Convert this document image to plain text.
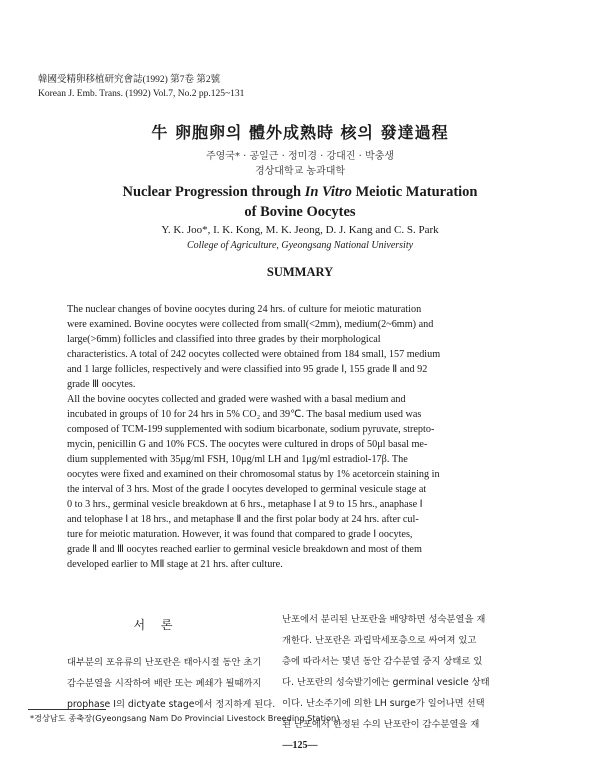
韓國受精卵移植研究會誌(1992) 第7卷 第2號
Korean J. Emb. Trans. (1992) Vol.7, No.2 pp.125~131
牛 卵胞卵의 體外成熟時 核의 發達過程
주영국* · 공일근 · 정미경 · 강대진 · 박충생
경상대학교 농과대학
Nuclear Progression through In Vitro Meiotic Maturation
of Bovine Oocytes
Y. K. Joo*, I. K. Kong, M. K. Jeong, D. J. Kang and C. S. Park
College of Agriculture, Gyeongsang National University
SUMMARY
The nuclear changes of bovine oocytes during 24 hrs. of culture for meiotic maturation
were examined. Bovine oocytes were collected from small(<2mm), medium(2~6mm) and
large(>6mm) follicles and classified into three grades by their morphological
characteristics. A total of 242 oocytes collected were obtained from 184 small, 157 medium
and 1 large follicles, respectively and were classified into 95 grade Ⅰ, 155 grade Ⅱ and 92
grade Ⅲ oocytes.
All the bovine oocytes collected and graded were washed with a basal medium and
incubated in groups of 10 for 24 hrs in 5% CO₂ and 39℃. The basal medium used was
composed of TCM-199 supplemented with sodium bicarbonate, sodium pyruvate, strepto-
mycin, penicillin G and 10% FCS. The oocytes were cultured in drops of 50μl basal me-
dium supplemented with 35μg/ml FSH, 10μg/ml LH and 1μg/ml estradiol-17β. The
oocytes were fixed and examined on their chromosomal status by 1% acetorcein staining in
the interval of 3 hrs. Most of the grade Ⅰ oocytes developed to germinal vesicule stage at
0 to 3 hrs., germinal vesicle breakdown at 6 hrs., metaphase Ⅰ at 9 to 15 hrs., anaphase Ⅰ
and telophase Ⅰ at 18 hrs., and metaphase Ⅱ and the first polar body at 24 hrs. after cul-
ture for meiotic maturation. However, it was found that compared to grade Ⅰ oocytes,
grade Ⅱ and Ⅲ oocytes reached earlier to germinal vesicle breakdown and most of them
developed earlier to MⅡ stage at 21 hrs. after culture.
서 론
대부분의 포유류의 난포란은 태아시절 동안 초기
감수분열을 시작하여 배란 또는 폐쇄가 될때까지
prophase Ⅰ의 dictyate stage에서 정지하게 된다.
난포에서 분리된 난포란을 배양하면 성숙분열을 재
개한다. 난포란은 과립막세포층으로 싸여져 있고
층에 따라서는 몇년 동안 감수분열 중지 상태로 있
다. 난포란의 성숙발기에는 germinal vesicle 상태
이다. 난소주기에 의한 LH surge가 일어나면 선택
된 난포에서 한정된 수의 난포란이 감수분열을 재
*경상남도 종축장(Gyeongsang Nam Do Provincial Livestock Breeding Station)
—125—
